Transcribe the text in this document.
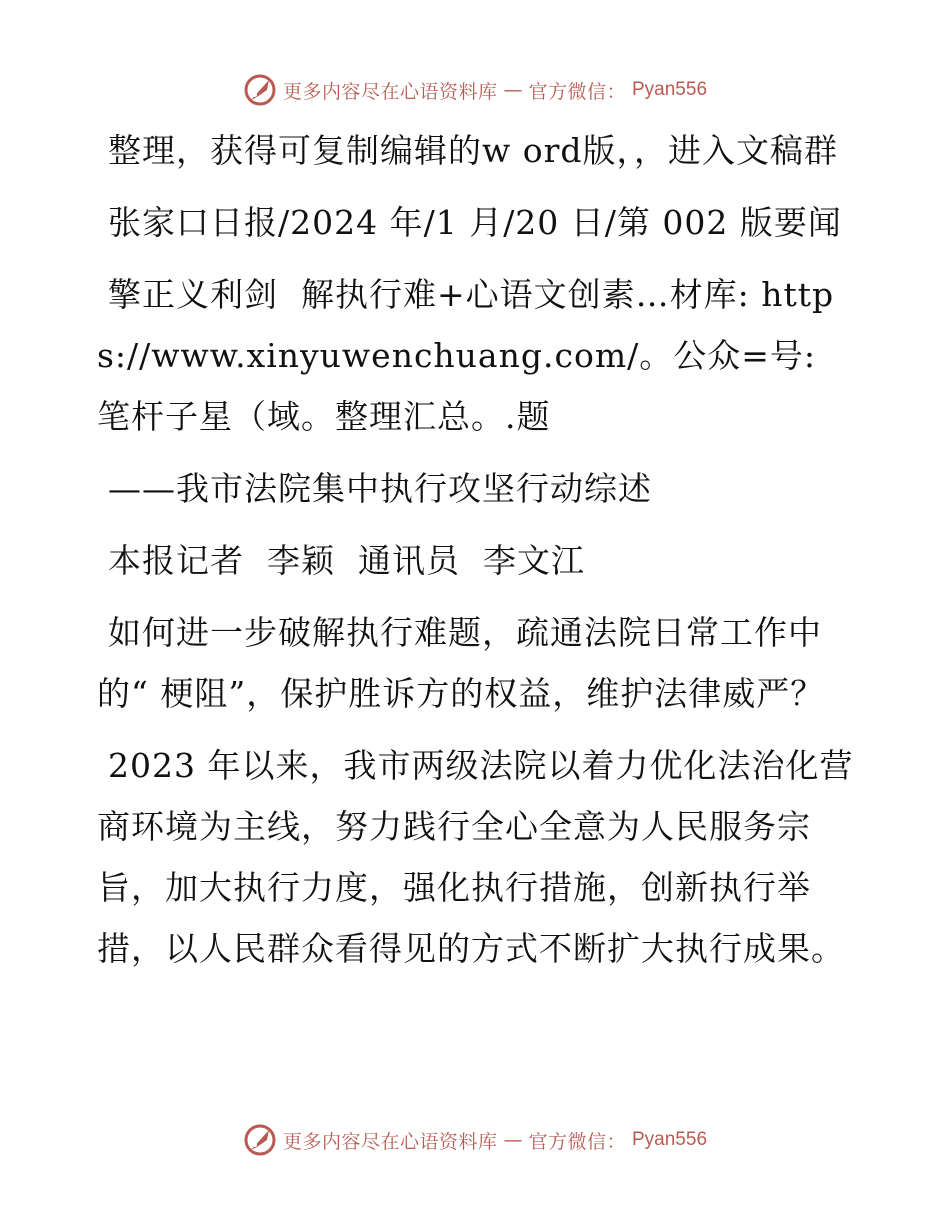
更多内容尽在心语资料库 — 官方微信： Pyan556

整理，获得可复制编辑的w ord版，，进入文稿群

张家口日报/2024 年/1 月/20 日/第 002 版要闻

擎正义利剑  解执行难+心语文创素…材库: https://www.xinyuwenchuang.com/。公众=号: 笔杆子星（域。整理汇总。.题

——我市法院集中执行攻坚行动综述

本报记者  李颖  通讯员  李文江

如何进一步破解执行难题，疏通法院日常工作中的“ 梗阻”，保护胜诉方的权益，维护法律威严？

2023 年以来，我市两级法院以着力优化法治化营商环境为主线，努力践行全心全意为人民服务宗旨，加大执行力度，强化执行措施，创新执行举措，以人民群众看得见的方式不断扩大执行成果。

更多内容尽在心语资料库 — 官方微信： Pyan556
